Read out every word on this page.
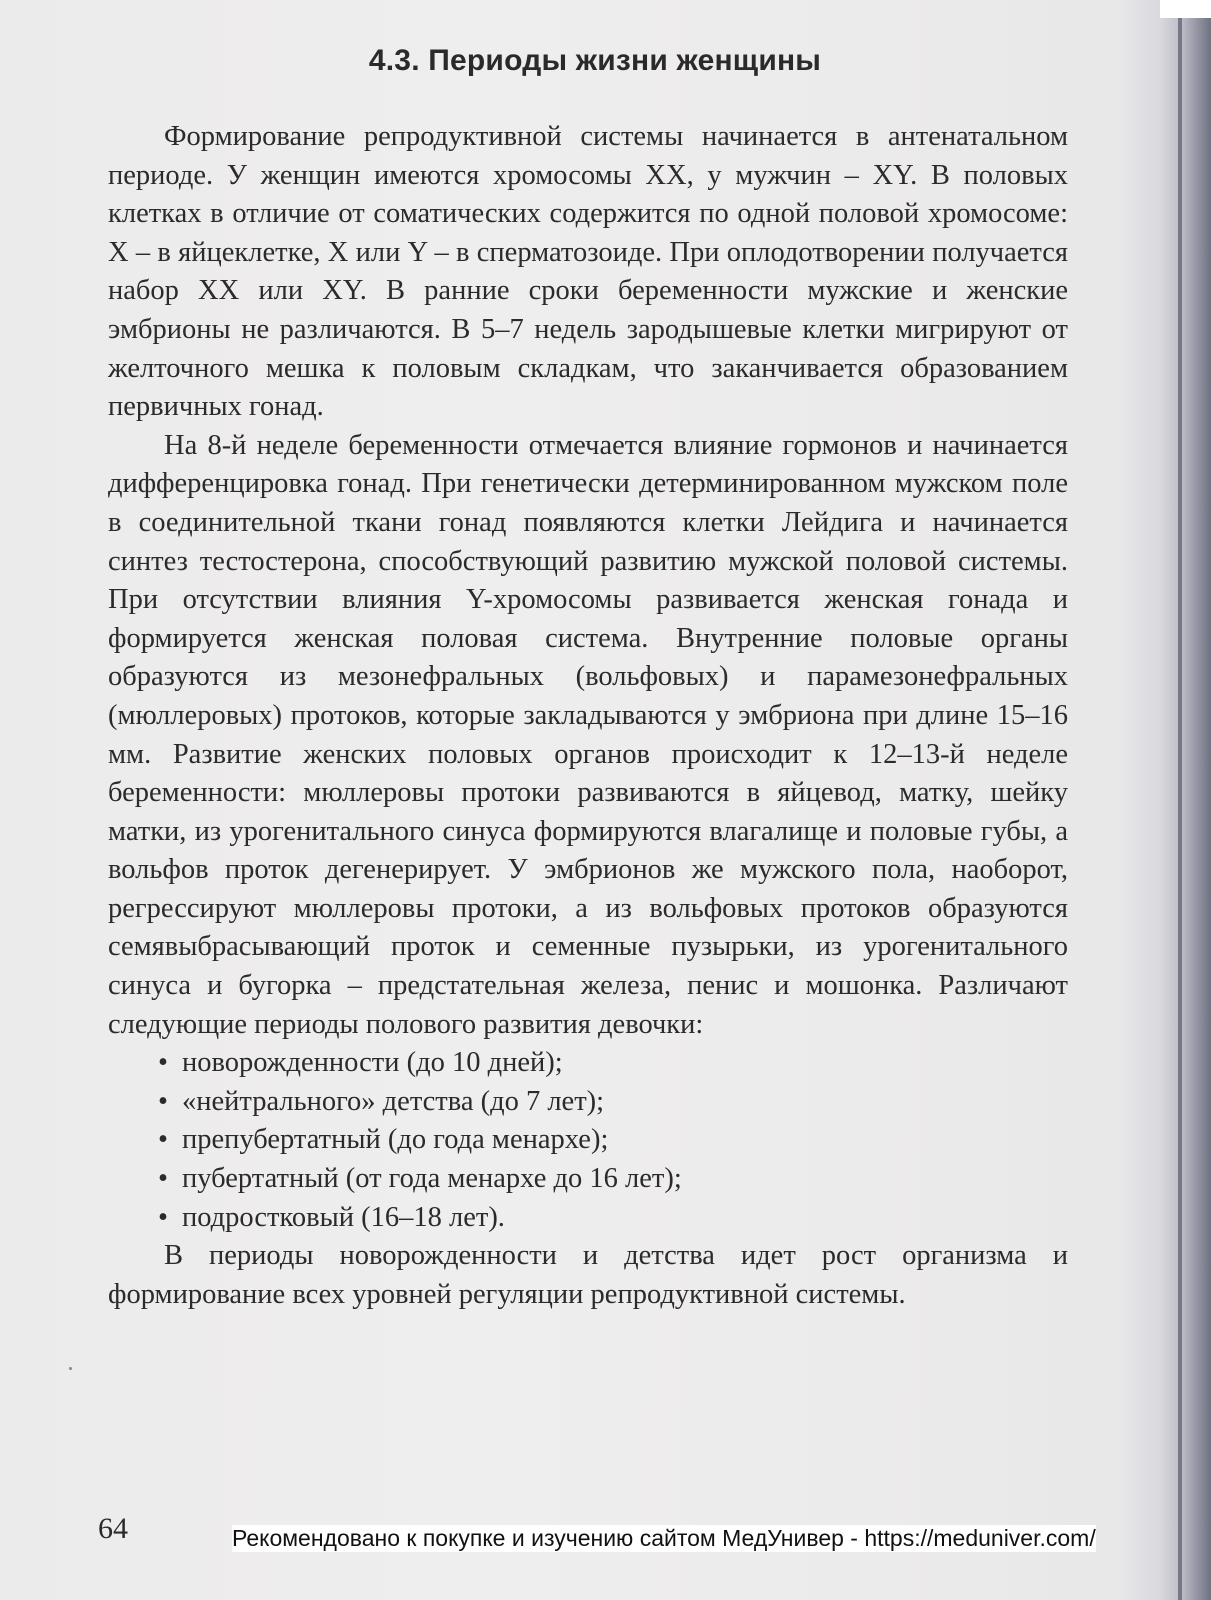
4.3. Периоды жизни женщины

Формирование репродуктивной системы начинается в антенатальном периоде. У женщин имеются хромосомы XX, у мужчин – XY. В половых клетках в отличие от соматических содержится по одной половой хромосоме: X – в яйцеклетке, X или Y – в сперматозоиде. При оплодотворении получается набор XX или XY. В ранние сроки беременности мужские и женские эмбрионы не различаются. В 5–7 недель зародышевые клетки мигрируют от желточного мешка к половым складкам, что заканчивается образованием первичных гонад.

На 8-й неделе беременности отмечается влияние гормонов и начинается дифференцировка гонад. При генетически детерминированном мужском поле в соединительной ткани гонад появляются клетки Лейдига и начинается синтез тестостерона, способствующий развитию мужской половой системы. При отсутствии влияния Y-хромосомы развивается женская гонада и формируется женская половая система. Внутренние половые органы образуются из мезонефральных (вольфовых) и парамезонефральных (мюллеровых) протоков, которые закладываются у эмбриона при длине 15–16 мм. Развитие женских половых органов происходит к 12–13-й неделе беременности: мюллеровы протоки развиваются в яйцевод, матку, шейку матки, из урогенитального синуса формируются влагалище и половые губы, а вольфов проток дегенерирует. У эмбрионов же мужского пола, наоборот, регрессируют мюллеровы протоки, а из вольфовых протоков образуются семявыбрасывающий проток и семенные пузырьки, из урогенитального синуса и бугорка – предстательная железа, пенис и мошонка. Различают следующие периоды полового развития девочки:

• новорожденности (до 10 дней);
• «нейтрального» детства (до 7 лет);
• препубертатный (до года менархе);
• пубертатный (от года менархе до 16 лет);
• подростковый (16–18 лет).

В периоды новорожденности и детства идет рост организма и формирование всех уровней регуляции репродуктивной системы.

64	Рекомендовано к покупке и изучению сайтом МедУнивер - https://meduniver.com/
